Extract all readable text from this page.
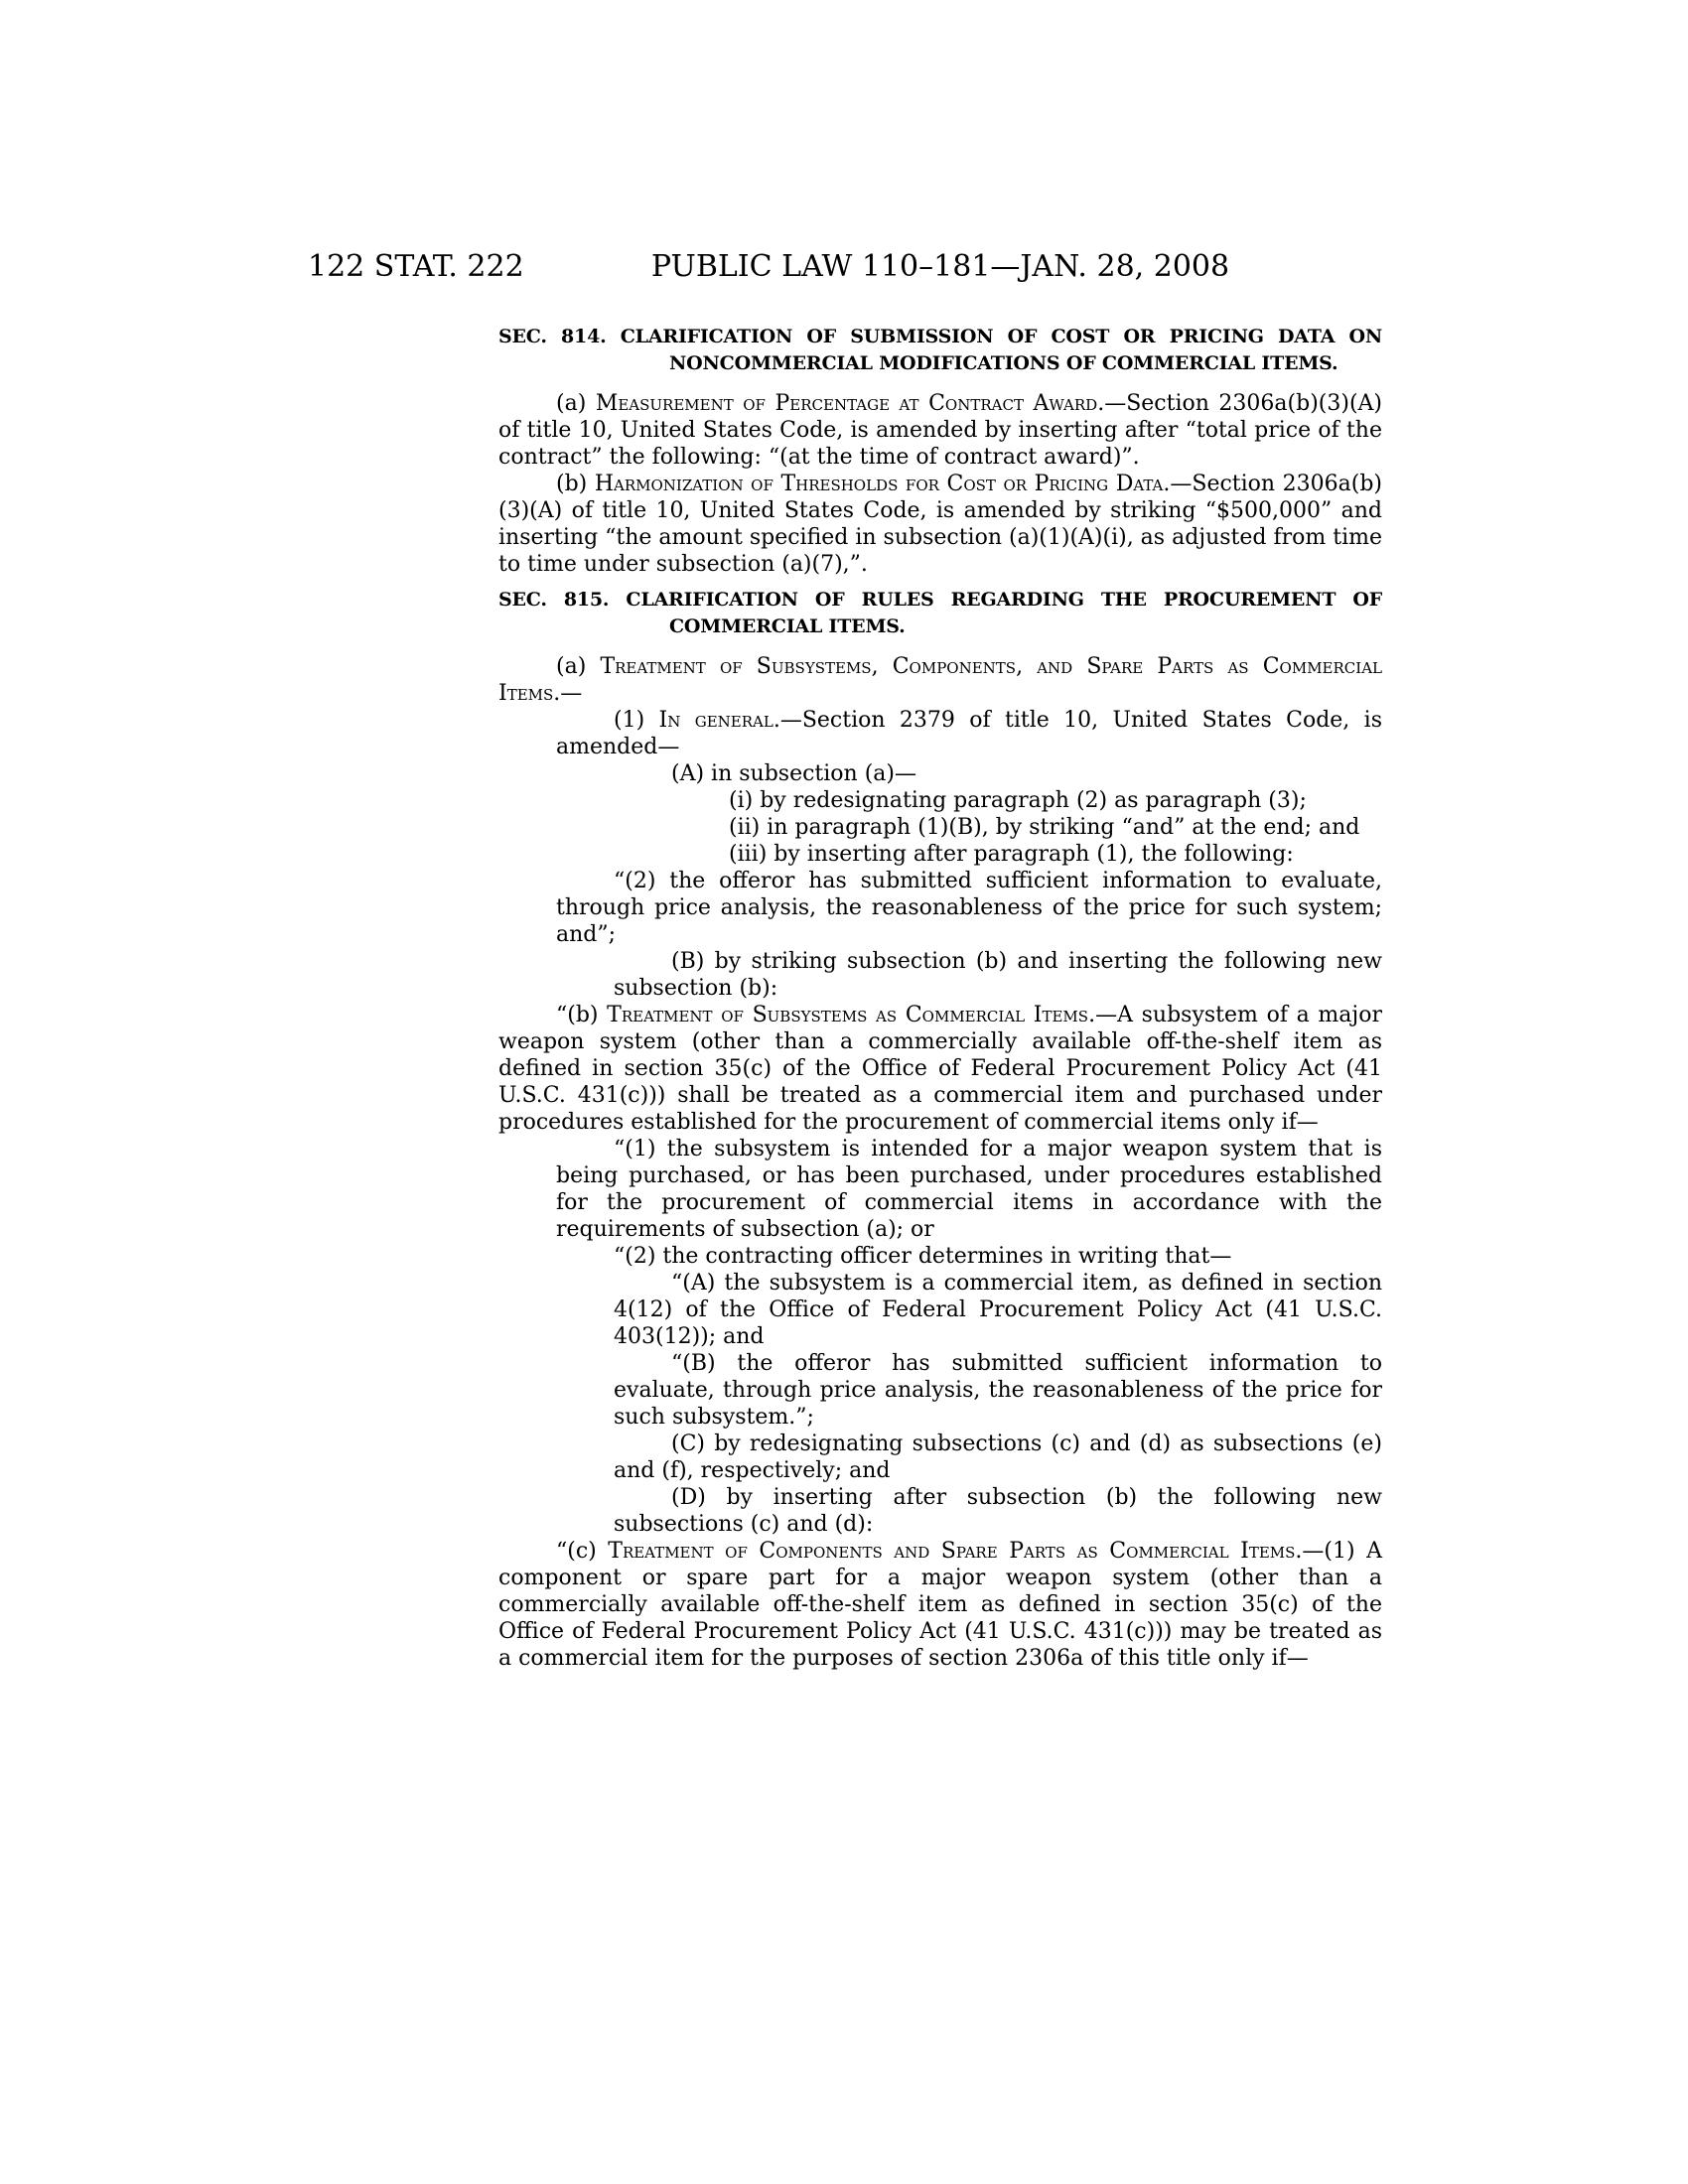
122 STAT. 222	PUBLIC LAW 110–181—JAN. 28, 2008
SEC. 814. CLARIFICATION OF SUBMISSION OF COST OR PRICING DATA ON NONCOMMERCIAL MODIFICATIONS OF COMMERCIAL ITEMS.
(a) Measurement of Percentage at Contract Award.—Section 2306a(b)(3)(A) of title 10, United States Code, is amended by inserting after “total price of the contract” the following: “(at the time of contract award)”.
(b) Harmonization of Thresholds for Cost or Pricing Data.—Section 2306a(b)(3)(A) of title 10, United States Code, is amended by striking “$500,000” and inserting “the amount specified in subsection (a)(1)(A)(i), as adjusted from time to time under subsection (a)(7),”.
SEC. 815. CLARIFICATION OF RULES REGARDING THE PROCUREMENT OF COMMERCIAL ITEMS.
(a) Treatment of Subsystems, Components, and Spare Parts as Commercial Items.—
(1) In general.—Section 2379 of title 10, United States Code, is amended—
(A) in subsection (a)—
(i) by redesignating paragraph (2) as paragraph (3);
(ii) in paragraph (1)(B), by striking “and” at the end; and
(iii) by inserting after paragraph (1), the following:
“(2) the offeror has submitted sufficient information to evaluate, through price analysis, the reasonableness of the price for such system; and”;
(B) by striking subsection (b) and inserting the following new subsection (b):
“(b) Treatment of Subsystems as Commercial Items.—A subsystem of a major weapon system (other than a commercially available off-the-shelf item as defined in section 35(c) of the Office of Federal Procurement Policy Act (41 U.S.C. 431(c))) shall be treated as a commercial item and purchased under procedures established for the procurement of commercial items only if—
“(1) the subsystem is intended for a major weapon system that is being purchased, or has been purchased, under procedures established for the procurement of commercial items in accordance with the requirements of subsection (a); or
“(2) the contracting officer determines in writing that—
“(A) the subsystem is a commercial item, as defined in section 4(12) of the Office of Federal Procurement Policy Act (41 U.S.C. 403(12)); and
“(B) the offeror has submitted sufficient information to evaluate, through price analysis, the reasonableness of the price for such subsystem.”;
(C) by redesignating subsections (c) and (d) as subsections (e) and (f), respectively; and
(D) by inserting after subsection (b) the following new subsections (c) and (d):
“(c) Treatment of Components and Spare Parts as Commercial Items.—(1) A component or spare part for a major weapon system (other than a commercially available off-the-shelf item as defined in section 35(c) of the Office of Federal Procurement Policy Act (41 U.S.C. 431(c))) may be treated as a commercial item for the purposes of section 2306a of this title only if—
